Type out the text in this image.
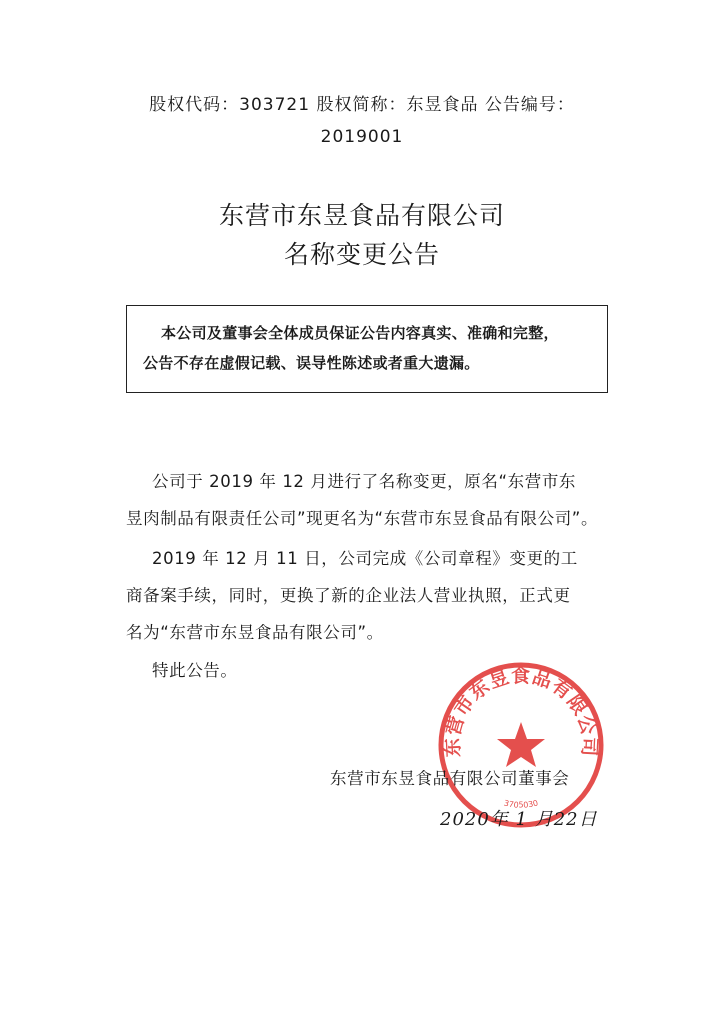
股权代码：303721 股权简称：东昱食品 公告编号：
2019001
东营市东昱食品有限公司
名称变更公告
本公司及董事会全体成员保证公告内容真实、准确和完整，
公告不存在虚假记载、误导性陈述或者重大遗漏。
公司于 2019 年 12 月进行了名称变更，原名“东营市东
昱肉制品有限责任公司”现更名为“东营市东昱食品有限公司”。
2019 年 12 月 11 日，公司完成《公司章程》变更的工
商备案手续，同时，更换了新的企业法人营业执照，正式更
名为“东营市东昱食品有限公司”。
特此公告。
东营市东昱食品有限公司
3705030
东营市东昱食品有限公司董事会
2020年 1 月22日
